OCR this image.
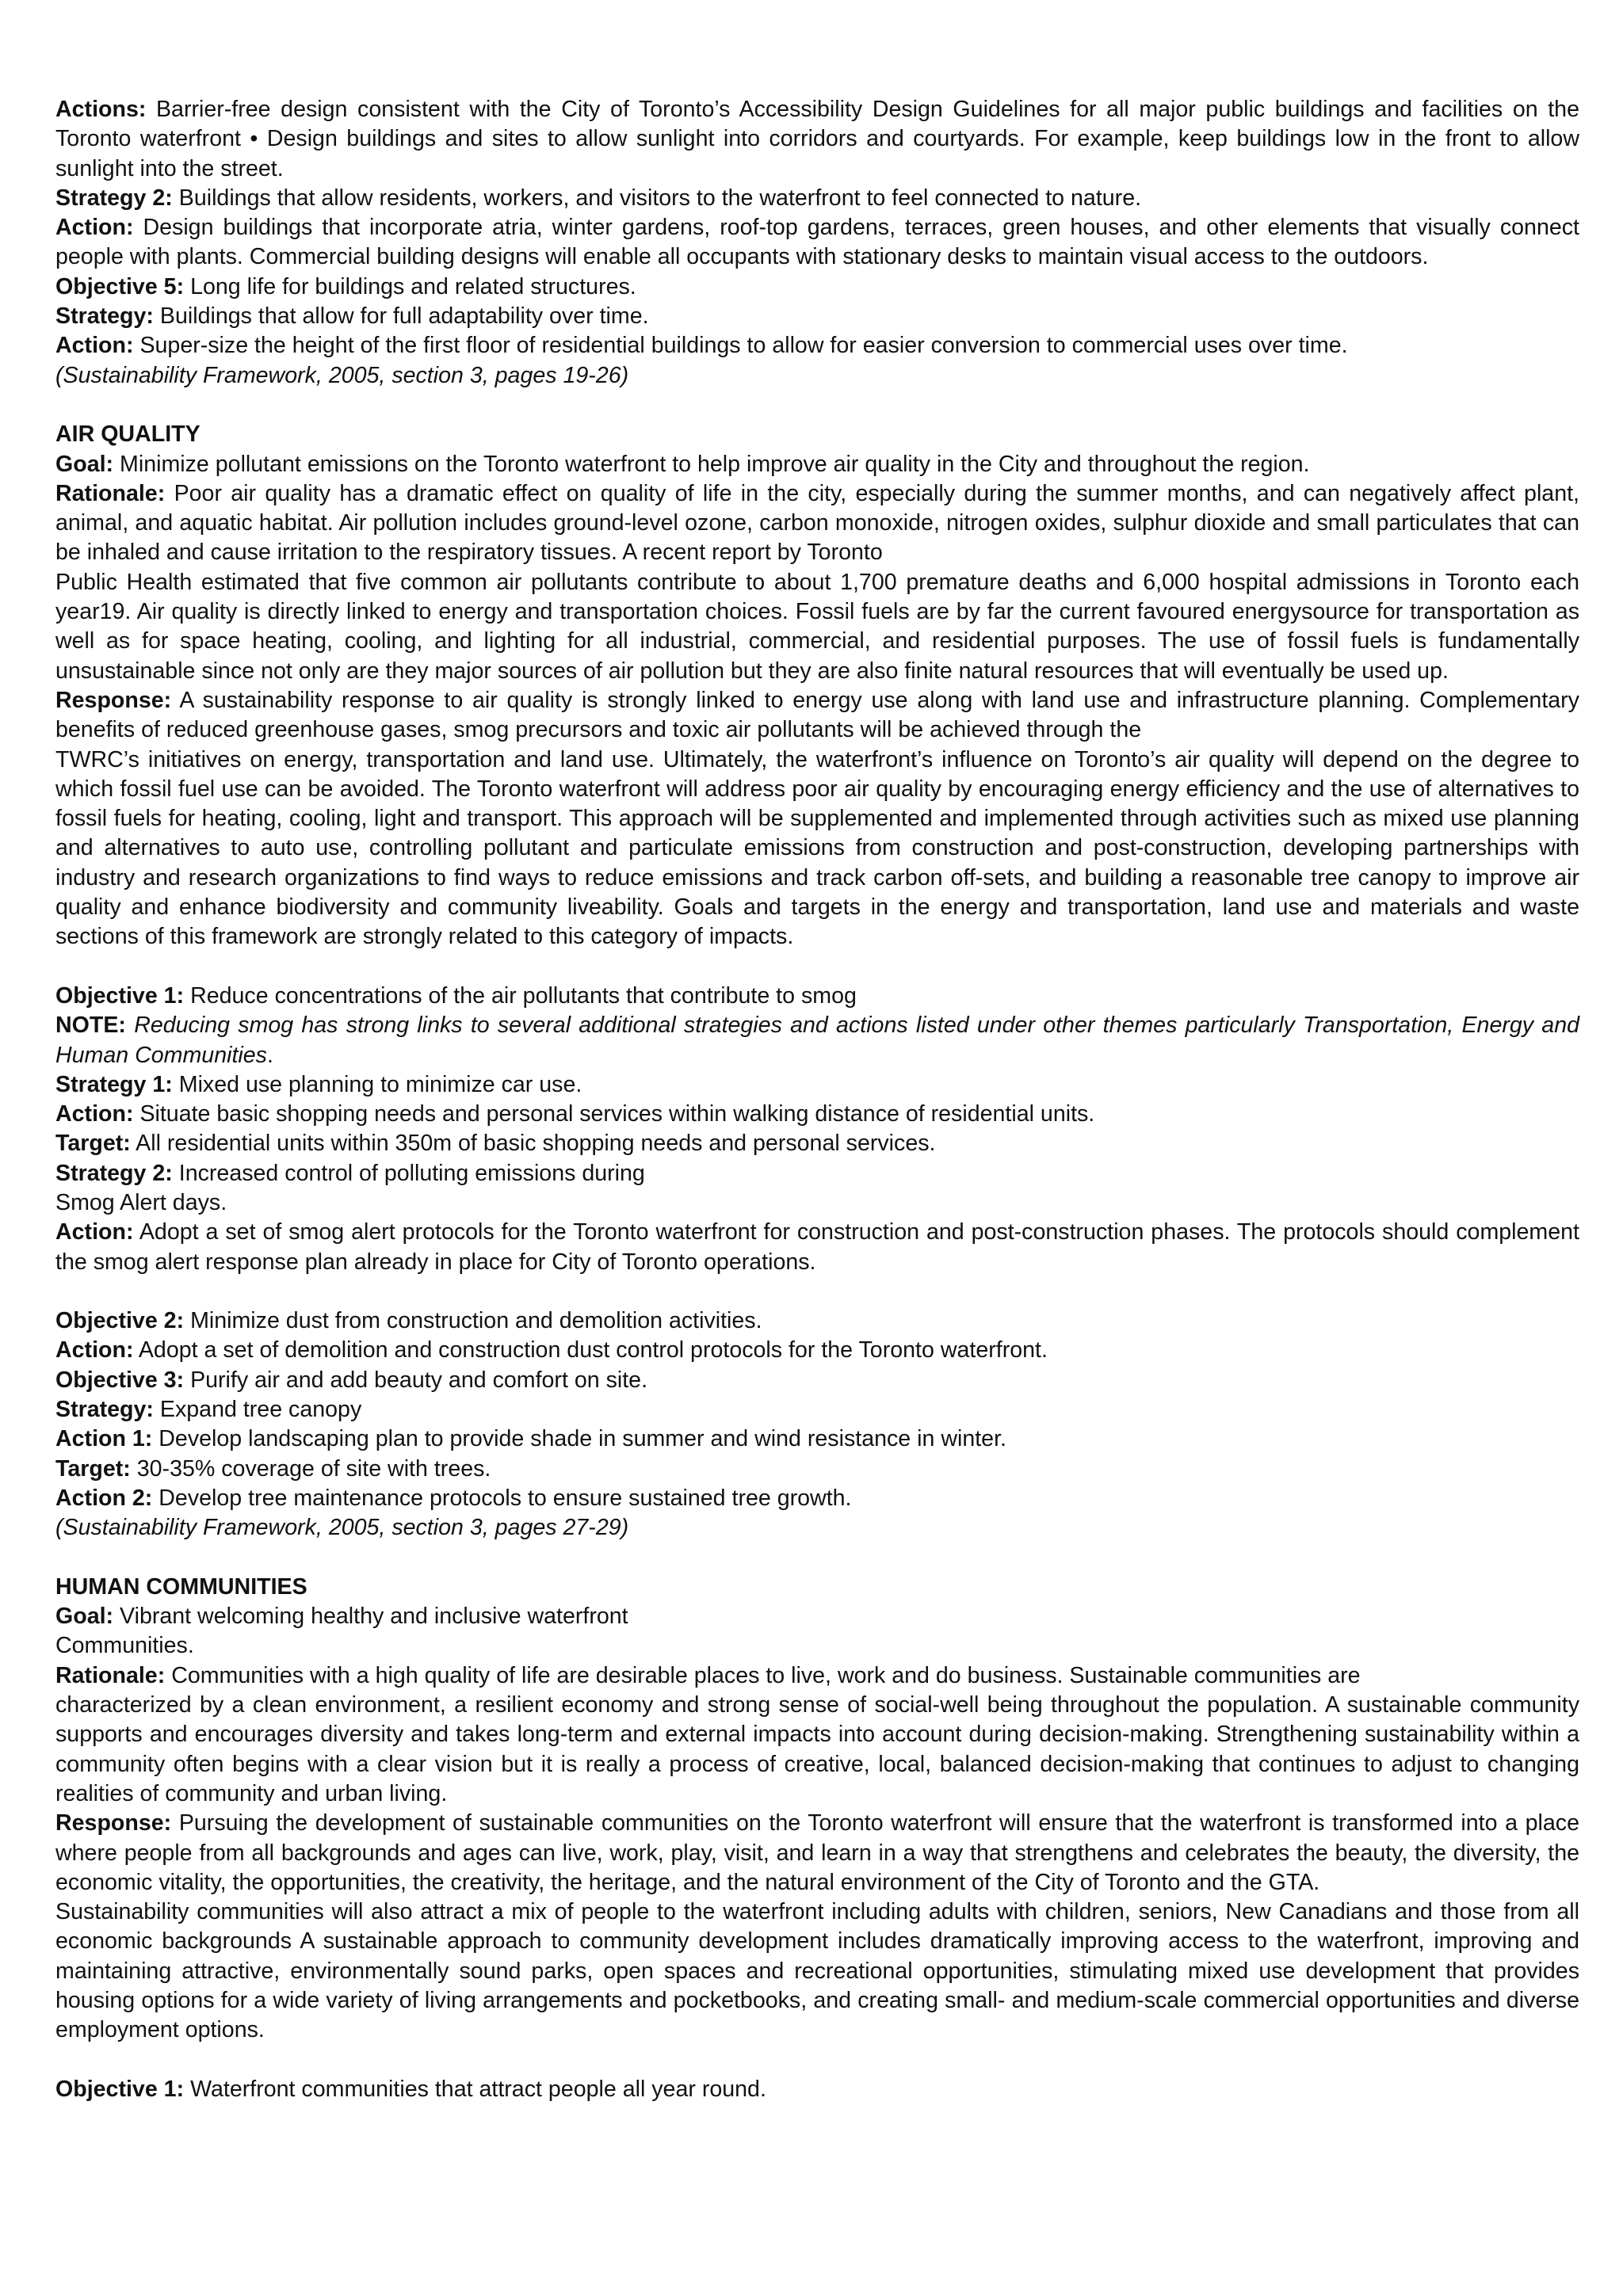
Actions: Barrier-free design consistent with the City of Toronto’s Accessibility Design Guidelines for all major public buildings and facilities on the Toronto waterfront • Design buildings and sites to allow sunlight into corridors and courtyards. For example, keep buildings low in the front to allow sunlight into the street.
Strategy 2: Buildings that allow residents, workers, and visitors to the waterfront to feel connected to nature.
Action: Design buildings that incorporate atria, winter gardens, roof-top gardens, terraces, green houses, and other elements that visually connect people with plants. Commercial building designs will enable all occupants with stationary desks to maintain visual access to the outdoors.
Objective 5: Long life for buildings and related structures.
Strategy: Buildings that allow for full adaptability over time.
Action: Super-size the height of the first floor of residential buildings to allow for easier conversion to commercial uses over time.
(Sustainability Framework, 2005, section 3, pages 19-26)
AIR QUALITY
Goal: Minimize pollutant emissions on the Toronto waterfront to help improve air quality in the City and throughout the region.
Rationale: Poor air quality has a dramatic effect on quality of life in the city, especially during the summer months, and can negatively affect plant, animal, and aquatic habitat. Air pollution includes ground-level ozone, carbon monoxide, nitrogen oxides, sulphur dioxide and small particulates that can be inhaled and cause irritation to the respiratory tissues. A recent report by Toronto
Public Health estimated that five common air pollutants contribute to about 1,700 premature deaths and 6,000 hospital admissions in Toronto each year19. Air quality is directly linked to energy and transportation choices. Fossil fuels are by far the current favoured energysource for transportation as well as for space heating, cooling, and lighting for all industrial, commercial, and residential purposes. The use of fossil fuels is fundamentally unsustainable since not only are they major sources of air pollution but they are also finite natural resources that will eventually be used up.
Response: A sustainability response to air quality is strongly linked to energy use along with land use and infrastructure planning. Complementary benefits of reduced greenhouse gases, smog precursors and toxic air pollutants will be achieved through the
TWRC’s initiatives on energy, transportation and land use. Ultimately, the waterfront’s influence on Toronto’s air quality will depend on the degree to which fossil fuel use can be avoided. The Toronto waterfront will address poor air quality by encouraging energy efficiency and the use of alternatives to fossil fuels for heating, cooling, light and transport. This approach will be supplemented and implemented through activities such as mixed use planning and alternatives to auto use, controlling pollutant and particulate emissions from construction and post-construction, developing partnerships with industry and research organizations to find ways to reduce emissions and track carbon off-sets, and building a reasonable tree canopy to improve air quality and enhance biodiversity and community liveability. Goals and targets in the energy and transportation, land use and materials and waste sections of this framework are strongly related to this category of impacts.
Objective 1: Reduce concentrations of the air pollutants that contribute to smog
NOTE: Reducing smog has strong links to several additional strategies and actions listed under other themes particularly Transportation, Energy and Human Communities.
Strategy 1: Mixed use planning to minimize car use.
Action: Situate basic shopping needs and personal services within walking distance of residential units.
Target: All residential units within 350m of basic shopping needs and personal services.
Strategy 2: Increased control of polluting emissions during
Smog Alert days.
Action: Adopt a set of smog alert protocols for the Toronto waterfront for construction and post-construction phases. The protocols should complement the smog alert response plan already in place for City of Toronto operations.
Objective 2: Minimize dust from construction and demolition activities.
Action: Adopt a set of demolition and construction dust control protocols for the Toronto waterfront.
Objective 3: Purify air and add beauty and comfort on site.
Strategy: Expand tree canopy
Action 1: Develop landscaping plan to provide shade in summer and wind resistance in winter.
Target: 30-35% coverage of site with trees.
Action 2: Develop tree maintenance protocols to ensure sustained tree growth.
(Sustainability Framework, 2005, section 3, pages 27-29)
HUMAN COMMUNITIES
Goal: Vibrant welcoming healthy and inclusive waterfront
Communities.
Rationale: Communities with a high quality of life are desirable places to live, work and do business. Sustainable communities are
characterized by a clean environment, a resilient economy and strong sense of social-well being throughout the population. A sustainable community supports and encourages diversity and takes long-term and external impacts into account during decision-making. Strengthening sustainability within a community often begins with a clear vision but it is really a process of creative, local, balanced decision-making that continues to adjust to changing realities of community and urban living.
Response: Pursuing the development of sustainable communities on the Toronto waterfront will ensure that the waterfront is transformed into a place where people from all backgrounds and ages can live, work, play, visit, and learn in a way that strengthens and celebrates the beauty, the diversity, the economic vitality, the opportunities, the creativity, the heritage, and the natural environment of the City of Toronto and the GTA.
Sustainability communities will also attract a mix of people to the waterfront including adults with children, seniors, New Canadians and those from all economic backgrounds A sustainable approach to community development includes dramatically improving access to the waterfront, improving and maintaining attractive, environmentally sound parks, open spaces and recreational opportunities, stimulating mixed use development that provides housing options for a wide variety of living arrangements and pocketbooks, and creating small- and medium-scale commercial opportunities and diverse employment options.
Objective 1: Waterfront communities that attract people all year round.
